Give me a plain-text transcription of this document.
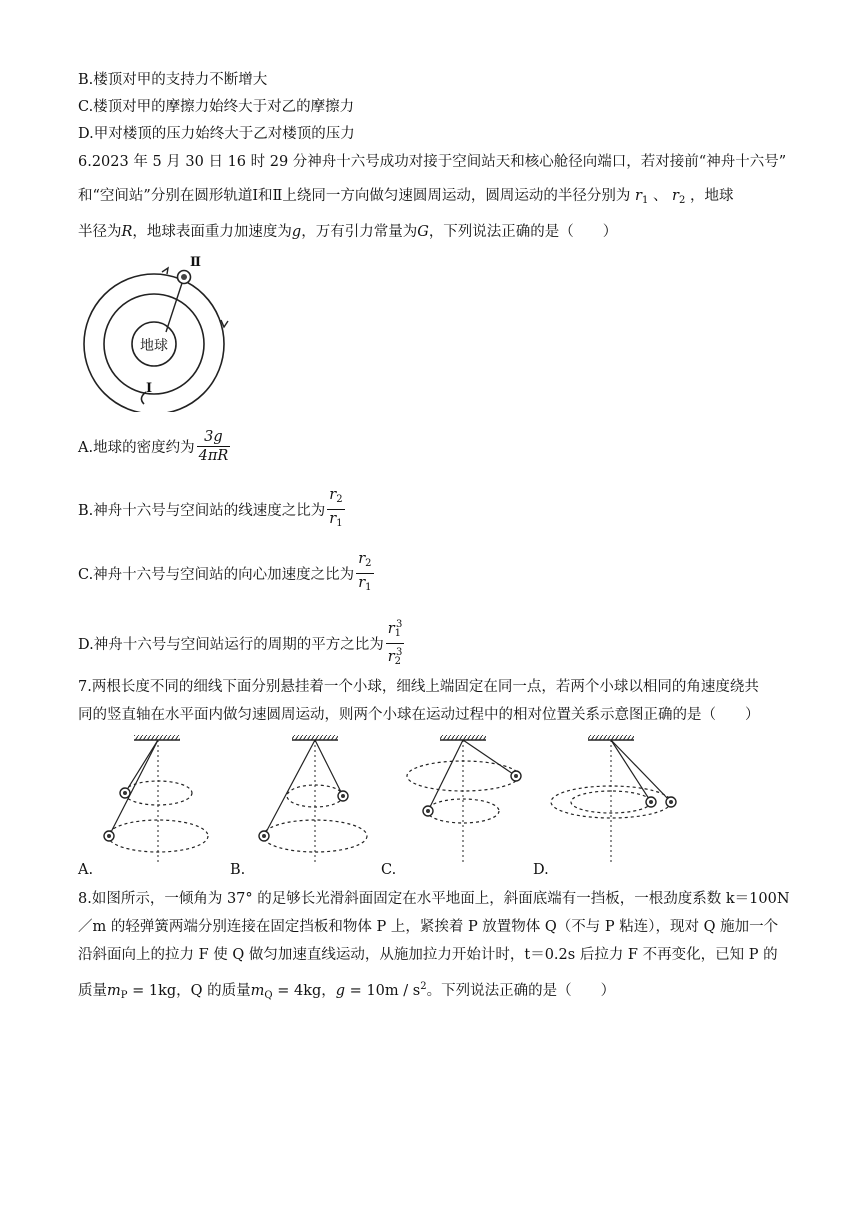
B.楼顶对甲的支持力不断增大
C.楼顶对甲的摩擦力始终大于对乙的摩擦力
D.甲对楼顶的压力始终大于乙对楼顶的压力
6.2023 年 5 月 30 日 16 时 29 分神舟十六号成功对接于空间站天和核心舱径向端口，若对接前“神舟十六号”
和“空间站”分别在圆形轨道Ⅰ和Ⅱ上绕同一方向做匀速圆周运动，圆周运动的半径分别为 $r_1$ 、 $r_2$ ，地球
半径为R，地球表面重力加速度为g，万有引力常量为G，下列说法正确的是（　　）
地球
Ⅱ
Ⅰ
A.地球的密度约为 $\frac{3g}{4\pi R}$
B.神舟十六号与空间站的线速度之比为 $\frac{r_2}{r_1}$
C.神舟十六号与空间站的向心加速度之比为 $\frac{r_2}{r_1}$
D.神舟十六号与空间站运行的周期的平方之比为 $\frac{r_1^3}{r_2^3}$
7.两根长度不同的细线下面分别悬挂着一个小球，细线上端固定在同一点，若两个小球以相同的角速度绕共
同的竖直轴在水平面内做匀速圆周运动，则两个小球在运动过程中的相对位置关系示意图正确的是（　　）
A.	B.	C.	D.
8.如图所示，一倾角为 37° 的足够长光滑斜面固定在水平地面上，斜面底端有一挡板，一根劲度系数 k＝100N
／m 的轻弹簧两端分别连接在固定挡板和物体 P 上，紧挨着 P 放置物体 Q（不与 P 粘连），现对 Q 施加一个
沿斜面向上的拉力 F 使 Q 做匀加速直线运动，从施加拉力开始计时，t＝0.2s 后拉力 F 不再变化，已知 P 的
质量$m_P = 1kg$，Q 的质量$m_Q = 4kg$，$g = 10m / s^2$。下列说法正确的是（　　）
